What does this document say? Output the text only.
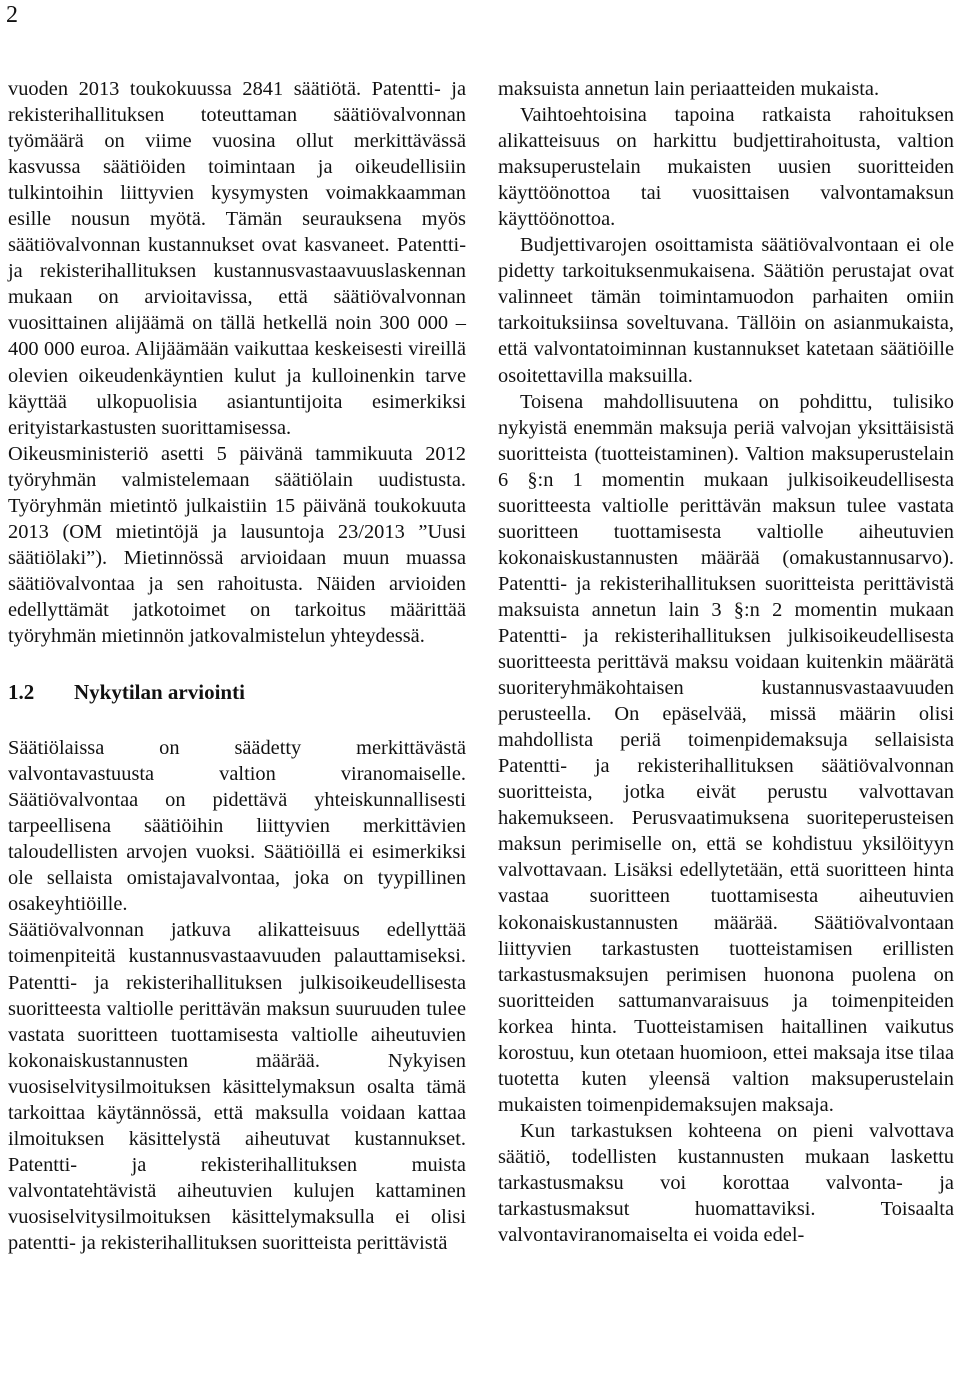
2

vuoden 2013 toukokuussa 2841 säätiötä. Patentti- ja rekisterihallituksen toteuttaman säätiövalvonnan työmäärä on viime vuosina ollut merkittävässä kasvussa säätiöiden toimintaan ja oikeudellisiin tulkintoihin liittyvien kysymysten voimakkaamman esille nousun myötä. Tämän seurauksena myös säätiövalvonnan kustannukset ovat kasvaneet. Patentti- ja rekisterihallituksen kustannusvastaavuuslaskennan mukaan on arvioitavissa, että säätiövalvonnan vuosittainen alijäämä on tällä hetkellä noin 300 000 – 400 000 euroa. Alijäämään vaikuttaa keskeisesti vireillä olevien oikeudenkäyntien kulut ja kulloinenkin tarve käyttää ulkopuolisia asiantuntijoita esimerkiksi erityistarkastusten suorittamisessa.

Oikeusministeriö asetti 5 päivänä tammikuuta 2012 työryhmän valmistelemaan säätiölain uudistusta. Työryhmän mietintö julkaistiin 15 päivänä toukokuuta 2013 (OM mietintöjä ja lausuntoja 23/2013 ”Uusi säätiölaki”). Mietinnössä arvioidaan muun muassa säätiövalvontaa ja sen rahoitusta. Näiden arvioiden edellyttämät jatkotoimet on tarkoitus määrittää työryhmän mietinnön jatkovalmistelun yhteydessä.

1.2	Nykytilan arviointi

Säätiölaissa on säädetty merkittävästä valvontavastuusta valtion viranomaiselle. Säätiövalvontaa on pidettävä yhteiskunnallisesti tarpeellisena säätiöihin liittyvien merkittävien taloudellisten arvojen vuoksi. Säätiöillä ei esimerkiksi ole sellaista omistajavalvontaa, joka on tyypillinen osakeyhtiöille.

Säätiövalvonnan jatkuva alikatteisuus edellyttää toimenpiteitä kustannusvastaavuuden palauttamiseksi. Patentti- ja rekisterihallituksen julkisoikeudellisesta suoritteesta valtiolle perittävän maksun suuruuden tulee vastata suoritteen tuottamisesta valtiolle aiheutuvien kokonaiskustannusten määrää. Nykyisen vuosiselvitysilmoituksen käsittelymaksun osalta tämä tarkoittaa käytännössä, että maksulla voidaan kattaa ilmoituksen käsittelystä aiheutuvat kustannukset. Patentti- ja rekisterihallituksen muista valvontatehtävistä aiheutuvien kulujen kattaminen vuosiselvitysilmoituksen käsittelymaksulla ei olisi patentti- ja rekisterihallituksen suoritteista perittävistä

maksuista annetun lain periaatteiden mukaista.

Vaihtoehtoisina tapoina ratkaista rahoituksen alikatteisuus on harkittu budjettirahoitusta, valtion maksuperustelain mukaisten uusien suoritteiden käyttöönottoa tai vuosittaisen valvontamaksun käyttöönottoa.

Budjettivarojen osoittamista säätiövalvontaan ei ole pidetty tarkoituksenmukaisena. Säätiön perustajat ovat valinneet tämän toimintamuodon parhaiten omiin tarkoituksiinsa soveltuvana. Tällöin on asianmukaista, että valvontatoiminnan kustannukset katetaan säätiöille osoitettavilla maksuilla.

Toisena mahdollisuutena on pohdittu, tulisiko nykyistä enemmän maksuja periä valvojan yksittäisistä suoritteista (tuotteistaminen). Valtion maksuperustelain 6 §:n 1 momentin mukaan julkisoikeudellisesta suoritteesta valtiolle perittävän maksun tulee vastata suoritteen tuottamisesta valtiolle aiheutuvien kokonaiskustannusten määrää (omakustannusarvo). Patentti- ja rekisterihallituksen suoritteista perittävistä maksuista annetun lain 3 §:n 2 momentin mukaan Patentti- ja rekisterihallituksen julkisoikeudellisesta suoritteesta perittävä maksu voidaan kuitenkin määrätä suoriteryhmäkohtaisen kustannusvastaavuuden perusteella. On epäselvää, missä määrin olisi mahdollista periä toimenpidemaksuja sellaisista Patentti- ja rekisterihallituksen säätiövalvonnan suoritteista, jotka eivät perustu valvottavan hakemukseen. Perusvaatimuksena suoriteperusteisen maksun perimiselle on, että se kohdistuu yksilöityyn valvottavaan. Lisäksi edellytetään, että suoritteen hinta vastaa suoritteen tuottamisesta aiheutuvien kokonaiskustannusten määrää. Säätiövalvontaan liittyvien tarkastusten tuotteistamisen erillisten tarkastusmaksujen perimisen huonona puolena on suoritteiden sattumanvaraisuus ja toimenpiteiden korkea hinta. Tuotteistamisen haitallinen vaikutus korostuu, kun otetaan huomioon, ettei maksaja itse tilaa tuotetta kuten yleensä valtion maksuperustelain mukaisten toimenpidemaksujen maksaja.

Kun tarkastuksen kohteena on pieni valvottava säätiö, todellisten kustannusten mukaan laskettu tarkastusmaksu voi korottaa valvonta- ja tarkastusmaksut huomattaviksi. Toisaalta valvontaviranomaiselta ei voida edel-
